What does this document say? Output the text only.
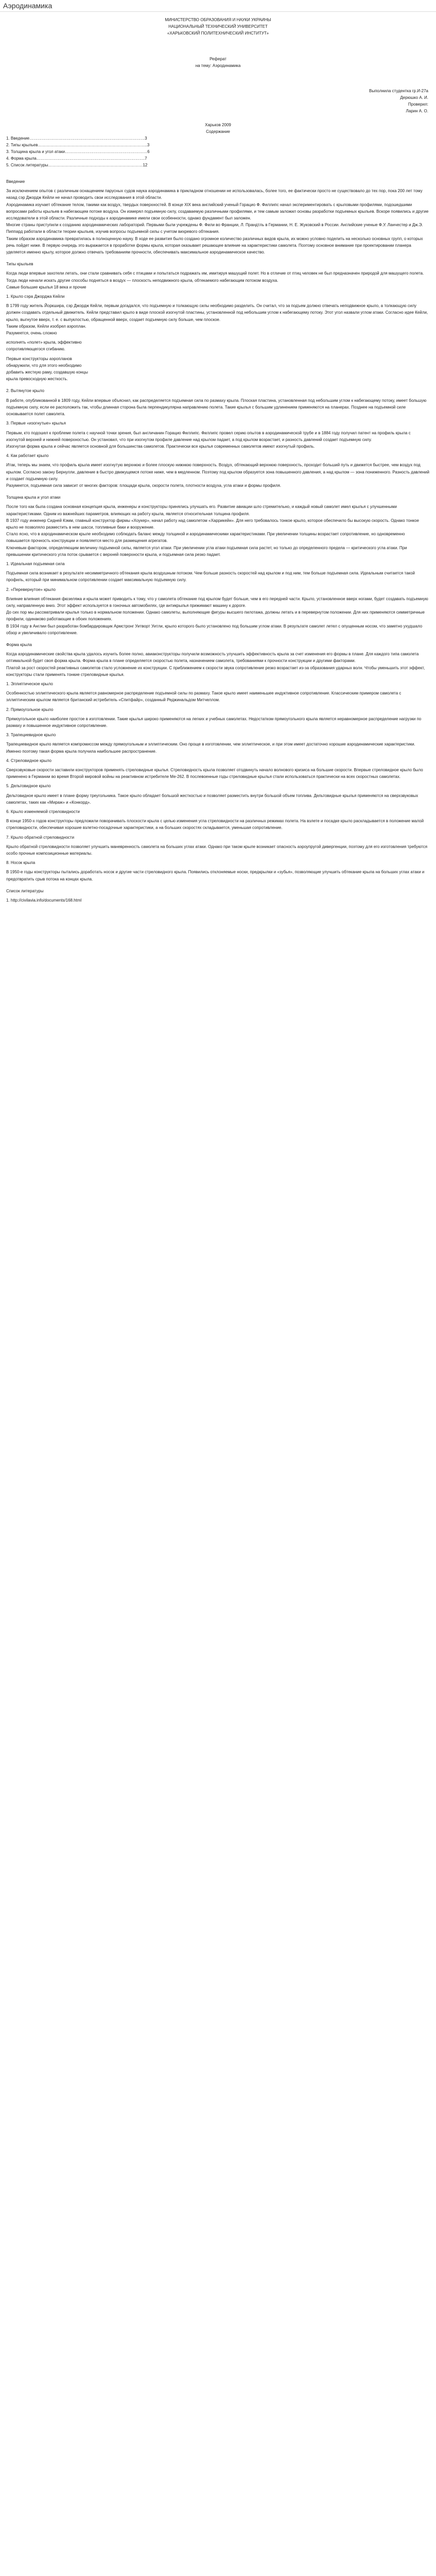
Аэродинамика

МИНИСТЕРСТВО ОБРАЗОВАНИЯ И НАУКИ УКРАИНЫ

НАЦИОНАЛЬНЫЙ ТЕХНИЧЕСКИЙ УНИВЕРСИТЕТ

«ХАРЬКОВСКИЙ ПОЛИТЕХНИЧЕСКИЙ ИНСТИТУТ»

Реферат

на тему: Аэродинамика

Выполнила студентка гр.И-27а

Дерюшко А. И.

Проверил:

Ларин А. О.

Харьков 2009

Содержание

1. Введение…………………………………………………………………………3

2. Типы крыльев……………………………………………………………………..3

3. Толщина крыла и угол атаки……………………………………………………6

4. Форма крыла…………………………………………………………………….7

5. Список литературы……………………………………………………………12

Введение

За исключением опытов с различным оснащением парусных судов наука аэродинамика в прикладном отношении не использовалась, более того, ее фактически просто не существовало до тех пор, пока 200 лет тому назад сэр Джордж Кейли не начал проводить свои исследования в этой области.

Аэродинамика изучает обтекание телом, такими как воздух, твердых поверхностей. В конце XIX века английский ученый Горацио Ф. Филлипс начал экспериментировать с крыловыми профилями, подошедшими вопросами работы крыльев в набегающем потоке воздуха. Он измерял подъемную силу, создаваемую различными профилями, и тем самым заложил основы разработки подъемных крыльев. Вскоре появились и другие исследователи в этой области. Различные подходы к аэродинамике имели свои особенности, однако фундамент был заложен.

Многие страны приступили к созданию аэродинамических лабораторий. Первыми были учреждены Ф. Фили во Франции, Л. Прандтль в Германии, Н. Е. Жуковский в России. Английские ученые Ф.У. Ланчестер и Дж.Э. Пиппард работали в области теории крыльев, изучив вопросы подъемной силы с учетом вихревого обтекания.

Таким образом аэродинамика превратилась в полноценную науку. В ходе ее развития было создано огромное количество различных видов крыла, их можно условно поделить на несколько основных групп, о которых речь пойдет ниже. В первую очередь это выражается в проработке формы крыла, которая оказывает решающее влияние на характеристики самолета. Поэтому основное внимание при проектировании планера уделяется именно крылу, которое должно отвечать требованиям прочности, обеспечивать максимальное аэродинамическое качество.

Типы крыльев

Когда люди впервые захотели летать, они стали сравнивать себя с птицами и попытаться подражать им, имитируя машущий полет. Но в отличие от птиц человек не был предназначен природой для машущего полета. Тогда люди начали искать другие способы подняться в воздух — плоскость неподвижного крыла, обтекаемого набегающим потоком воздуха.

Самые большие крылья 18 века и прочие

1. Крыло сэра Джорджа Кейли

В 1799 году житель Йоркшира, сэр Джордж Кейли, первым догадался, что подъемную и толкающую силы необходимо разделить. Он считал, что за подъем должно отвечать неподвижное крыло, а толкающую силу должен создавать отдельный движитель. Кейли представил крыло в виде плоской изогнутой пластины, установленной под небольшим углом к набегающему потоку. Этот угол назвали углом атаки. Согласно идее Кейли, крыло, выгнутое вверх, т. е. с выпуклостью, обращенной вверх, создает подъемную силу больше, чем плоское.

Таким образом, Кейли изобрел аэроплан.

Разумеется, очень сложно

исполнять «полет» крыла, эффективно

сопротивляющегося сгибанию.

Первые конструкторы аэропланов

обнаружили, что для этого необходимо

добавить жесткую раму, создавшую концы

крыла превосходную жесткость.

2. Вытянутое крыло

В работе, опубликованной в 1809 году, Кейли впервые объяснил, как распределяется подъемная сила по размаху крыла. Плоская пластина, установленная под небольшим углом к набегающему потоку, имеет большую подъемную силу, если ее расположить так, чтобы длинная сторона была перпендикулярна направлению полета. Такие крылья с большим удлинением применяются на планерах. Позднее на подъемной силе основывается полет самолета.

3. Первые «изогнутые» крылья

Первым, кто подошел к проблеме полета с научной точки зрения, был англичанин Горацио Филлипс. Филлипс провел серию опытов в аэродинамической трубе и в 1884 году получил патент на профиль крыла с изогнутой верхней и нижней поверхностью. Он установил, что при изогнутом профиле давление над крылом падает, а под крылом возрастает, и разность давлений создает подъемную силу.

Изогнутая форма крыла и сейчас является основной для большинства самолетов. Практически все крылья современных самолетов имеют изогнутый профиль.

4. Как работает крыло

Итак, теперь мы знаем, что профиль крыла имеет изогнутую верхнюю и более плоскую нижнюю поверхность. Воздух, обтекающий верхнюю поверхность, проходит больший путь и движется быстрее, чем воздух под крылом. Согласно закону Бернулли, давление в быстро движущемся потоке ниже, чем в медленном. Поэтому под крылом образуется зона повышенного давления, а над крылом — зона пониженного. Разность давлений и создает подъемную силу.

Разумеется, подъемная сила зависит от многих факторов: площади крыла, скорости полета, плотности воздуха, угла атаки и формы профиля.

Толщина крыла и угол атаки

После того как была создана основная концепция крыла, инженеры и конструкторы принялись улучшать его. Развитие авиации шло стремительно, и каждый новый самолет имел крылья с улучшенными характеристиками. Одним из важнейших параметров, влияющих на работу крыла, является относительная толщина профиля.

В 1937 году инженер Сидней Кэмм, главный конструктор фирмы «Хоукер», начал работу над самолетом «Харрикейн». Для него требовалось тонкое крыло, которое обеспечило бы высокую скорость. Однако тонкое крыло не позволяло разместить в нем шасси, топливные баки и вооружение.

Стало ясно, что в аэродинамическом крыле необходимо соблюдать баланс между толщиной и аэродинамическими характеристиками. При увеличении толщины возрастает сопротивление, но одновременно повышается прочность конструкции и появляется место для размещения агрегатов.

Ключевым фактором, определяющим величину подъемной силы, является угол атаки. При увеличении угла атаки подъемная сила растет, но только до определенного предела — критического угла атаки. При превышении критического угла поток срывается с верхней поверхности крыла, и подъемная сила резко падает.

1. Идеальная подъемная сила

Подъемная сила возникает в результате несимметричного обтекания крыла воздушным потоком. Чем больше разность скоростей над крылом и под ним, тем больше подъемная сила. Идеальным считается такой профиль, который при минимальном сопротивлении создает максимальную подъемную силу.

2. «Перевернутое» крыло

Влияние влияния обтекания фюзеляжа и крыла может приводить к тому, что у самолета обтекание под крылом будет больше, чем в его передней части. Крыло, установленное вверх ногами, будет создавать подъемную силу, направленную вниз. Этот эффект используется в гоночных автомобилях, где антикрылья прижимают машину к дороге.

До сих пор мы рассматривали крылья только в нормальном положении. Однако самолеты, выполняющие фигуры высшего пилотажа, должны летать и в перевернутом положении. Для них применяются симметричные профили, одинаково работающие в обоих положениях.

В 1934 году в Англии был разработан бомбардировщик Армстронг Уитворт Уитли, крыло которого было установлено под большим углом атаки. В результате самолет летел с опущенным носом, что заметно ухудшало обзор и увеличивало сопротивление.

Форма крыла

Когда аэродинамические свойства крыла удалось изучить более полно, авиаконструкторы получили возможность улучшить эффективность крыла за счет изменения его формы в плане. Для каждого типа самолета оптимальной будет своя форма крыла. Форма крыла в плане определяется скоростью полета, назначением самолета, требованиями к прочности конструкции и другими факторами.

Платой за рост скоростей реактивных самолетов стало усложнение их конструкции. С приближением к скорости звука сопротивление резко возрастает из-за образования ударных волн. Чтобы уменьшить этот эффект, конструкторы стали применять тонкие стреловидные крылья.

1. Эллиптическое крыло

Особенностью эллиптического крыла является равномерное распределение подъемной силы по размаху. Такое крыло имеет наименьшее индуктивное сопротивление. Классическим примером самолета с эллиптическим крылом является британский истребитель «Спитфайр», созданный Реджинальдом Митчеллом.

2. Прямоугольное крыло

Прямоугольное крыло наиболее простое в изготовлении. Такие крылья широко применяются на легких и учебных самолетах. Недостатком прямоугольного крыла является неравномерное распределение нагрузки по размаху и повышенное индуктивное сопротивление.

3. Трапециевидное крыло

Трапециевидное крыло является компромиссом между прямоугольным и эллиптическим. Оно проще в изготовлении, чем эллиптическое, и при этом имеет достаточно хорошие аэродинамические характеристики. Именно поэтому такая форма крыла получила наибольшее распространение.

4. Стреловидное крыло

Сверхзвуковые скорости заставили конструкторов применять стреловидные крылья. Стреловидность крыла позволяет отодвинуть начало волнового кризиса на большие скорости. Впервые стреловидное крыло было применено в Германии во время Второй мировой войны на реактивном истребителе Me-262. В послевоенные годы стреловидные крылья стали использоваться практически на всех скоростных самолетах.

5. Дельтовидное крыло

Дельтовидное крыло имеет в плане форму треугольника. Такое крыло обладает большой жесткостью и позволяет разместить внутри большой объем топлива. Дельтовидные крылья применяются на сверхзвуковых самолетах, таких как «Мираж» и «Конкорд».

6. Крыло изменяемой стреловидности

В конце 1950-х годов конструкторы предложили поворачивать плоскости крыла с целью изменения угла стреловидности на различных режимах полета. На взлете и посадке крыло раскладывается в положение малой стреловидности, обеспечивая хорошие взлетно-посадочные характеристики, а на больших скоростях складывается, уменьшая сопротивление.

7. Крыло обратной стреловидности

Крыло обратной стреловидности позволяет улучшить маневренность самолета на больших углах атаки. Однако при таком крыле возникает опасность аэроупругой дивергенции, поэтому для его изготовления требуются особо прочные композиционные материалы.

8. Носок крыла

В 1950-е годы конструкторы пытались доработать носок и другие части стреловидного крыла. Появились отклоняемые носки, предкрылки и «зубья», позволяющие улучшить обтекание крыла на больших углах атаки и предотвратить срыв потока на концах крыла.

Список литературы

1. http://civilavia.info/documents/168.html
